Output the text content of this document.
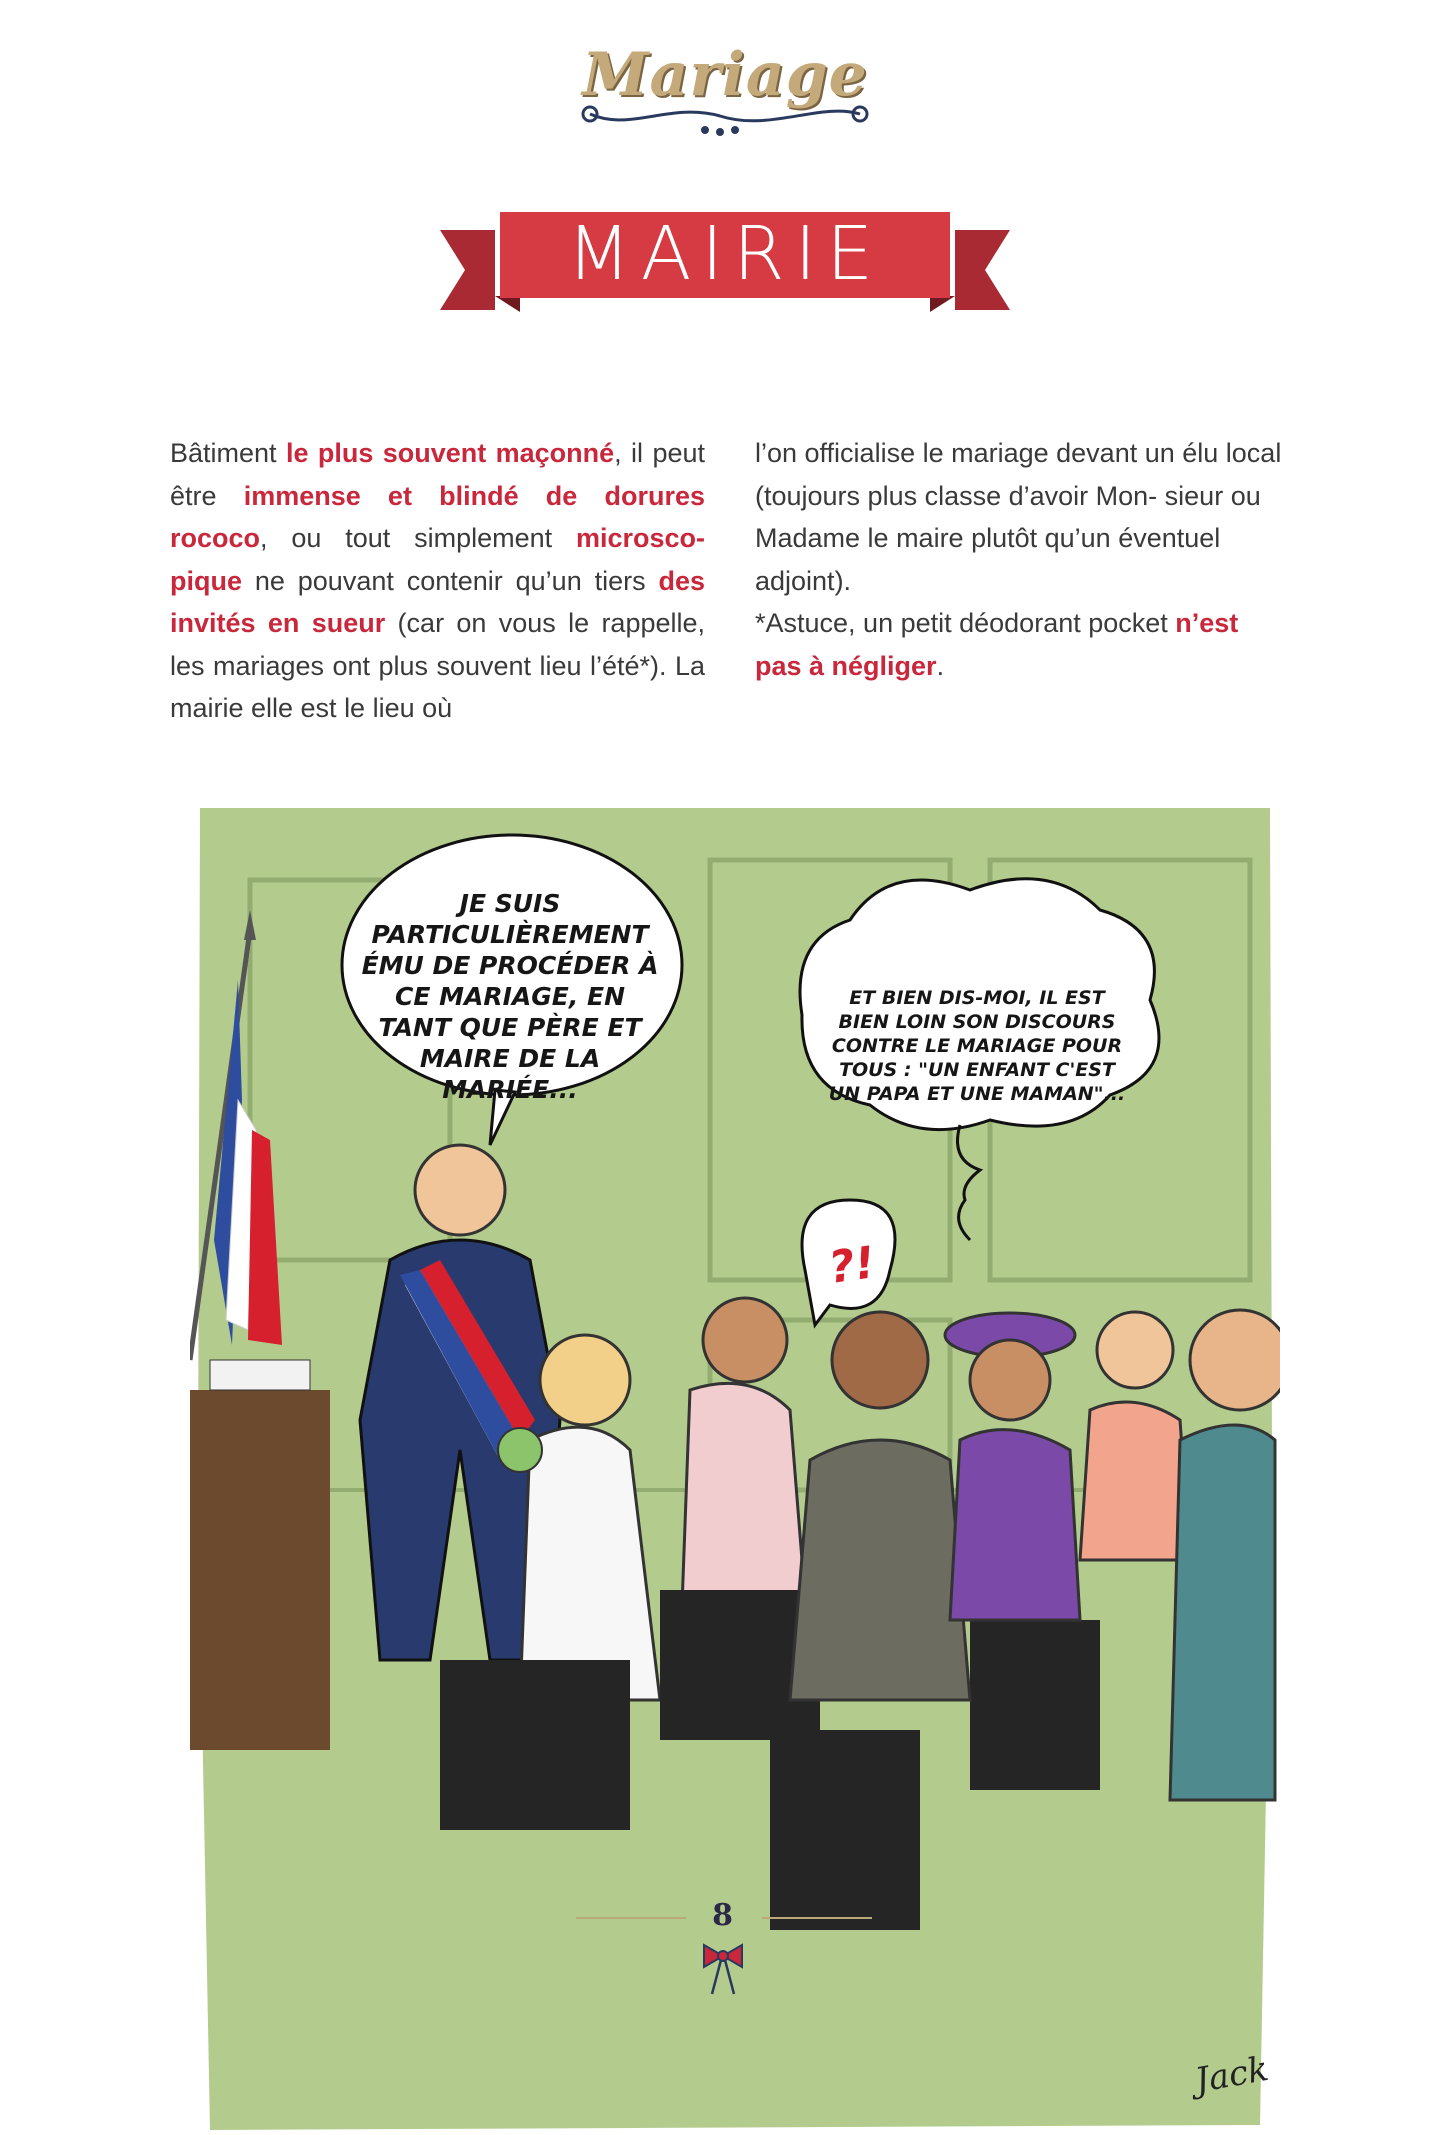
Mariage
MAIRIE
Bâtiment le plus souvent maçonné, il peut être immense et blindé de dorures rococo, ou tout simplement microsco- pique ne pouvant contenir qu’un tiers des invités en sueur (car on vous le rappelle, les mariages ont plus souvent lieu l’été*). La mairie elle est le lieu où
l’on officialise le mariage devant un élu local (toujours plus classe d’avoir Mon- sieur ou Madame le maire plutôt qu’un éventuel adjoint).
*Astuce, un petit déodorant pocket n’est pas à négliger.
JE SUIS PARTICULIÈREMENT ÉMU DE PROCÉDER À CE MARIAGE, EN TANT QUE PÈRE ET MAIRE DE LA MARIÉE...
ET BIEN DIS-MOI, IL EST BIEN LOIN SON DISCOURS CONTRE LE MARIAGE POUR TOUS : "UN ENFANT C'EST UN PAPA ET UNE MAMAN"...
?!
Jack
8
